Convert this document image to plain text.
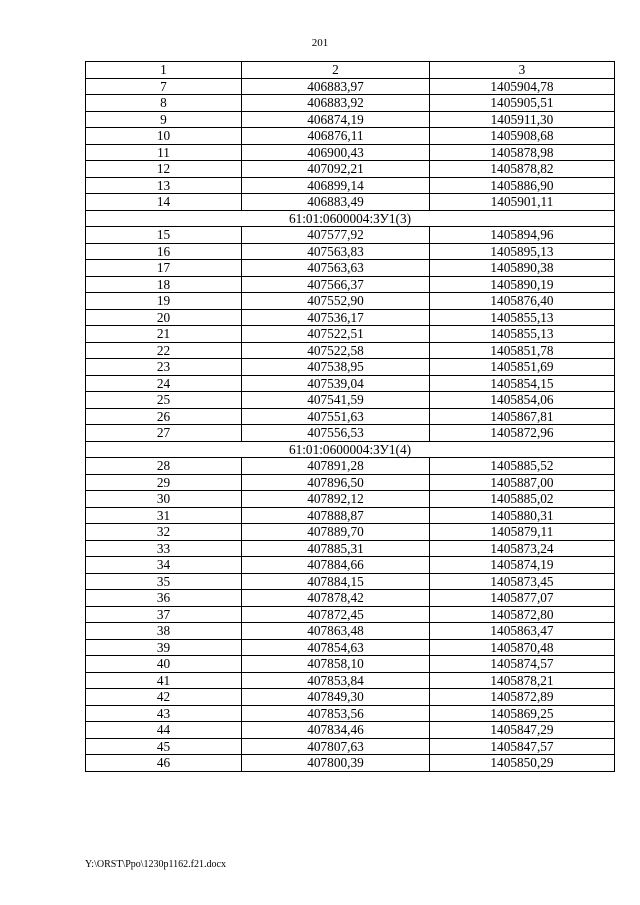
201
1	2	3
7	406883,97	1405904,78
8	406883,92	1405905,51
9	406874,19	1405911,30
10	406876,11	1405908,68
11	406900,43	1405878,98
12	407092,21	1405878,82
13	406899,14	1405886,90
14	406883,49	1405901,11
61:01:0600004:ЗУ1(3)		
15	407577,92	1405894,96
16	407563,83	1405895,13
17	407563,63	1405890,38
18	407566,37	1405890,19
19	407552,90	1405876,40
20	407536,17	1405855,13
21	407522,51	1405855,13
22	407522,58	1405851,78
23	407538,95	1405851,69
24	407539,04	1405854,15
25	407541,59	1405854,06
26	407551,63	1405867,81
27	407556,53	1405872,96
61:01:0600004:ЗУ1(4)		
28	407891,28	1405885,52
29	407896,50	1405887,00
30	407892,12	1405885,02
31	407888,87	1405880,31
32	407889,70	1405879,11
33	407885,31	1405873,24
34	407884,66	1405874,19
35	407884,15	1405873,45
36	407878,42	1405877,07
37	407872,45	1405872,80
38	407863,48	1405863,47
39	407854,63	1405870,48
40	407858,10	1405874,57
41	407853,84	1405878,21
42	407849,30	1405872,89
43	407853,56	1405869,25
44	407834,46	1405847,29
45	407807,63	1405847,57
46	407800,39	1405850,29
Y:\ORST\Ppo\1230p1162.f21.docx
